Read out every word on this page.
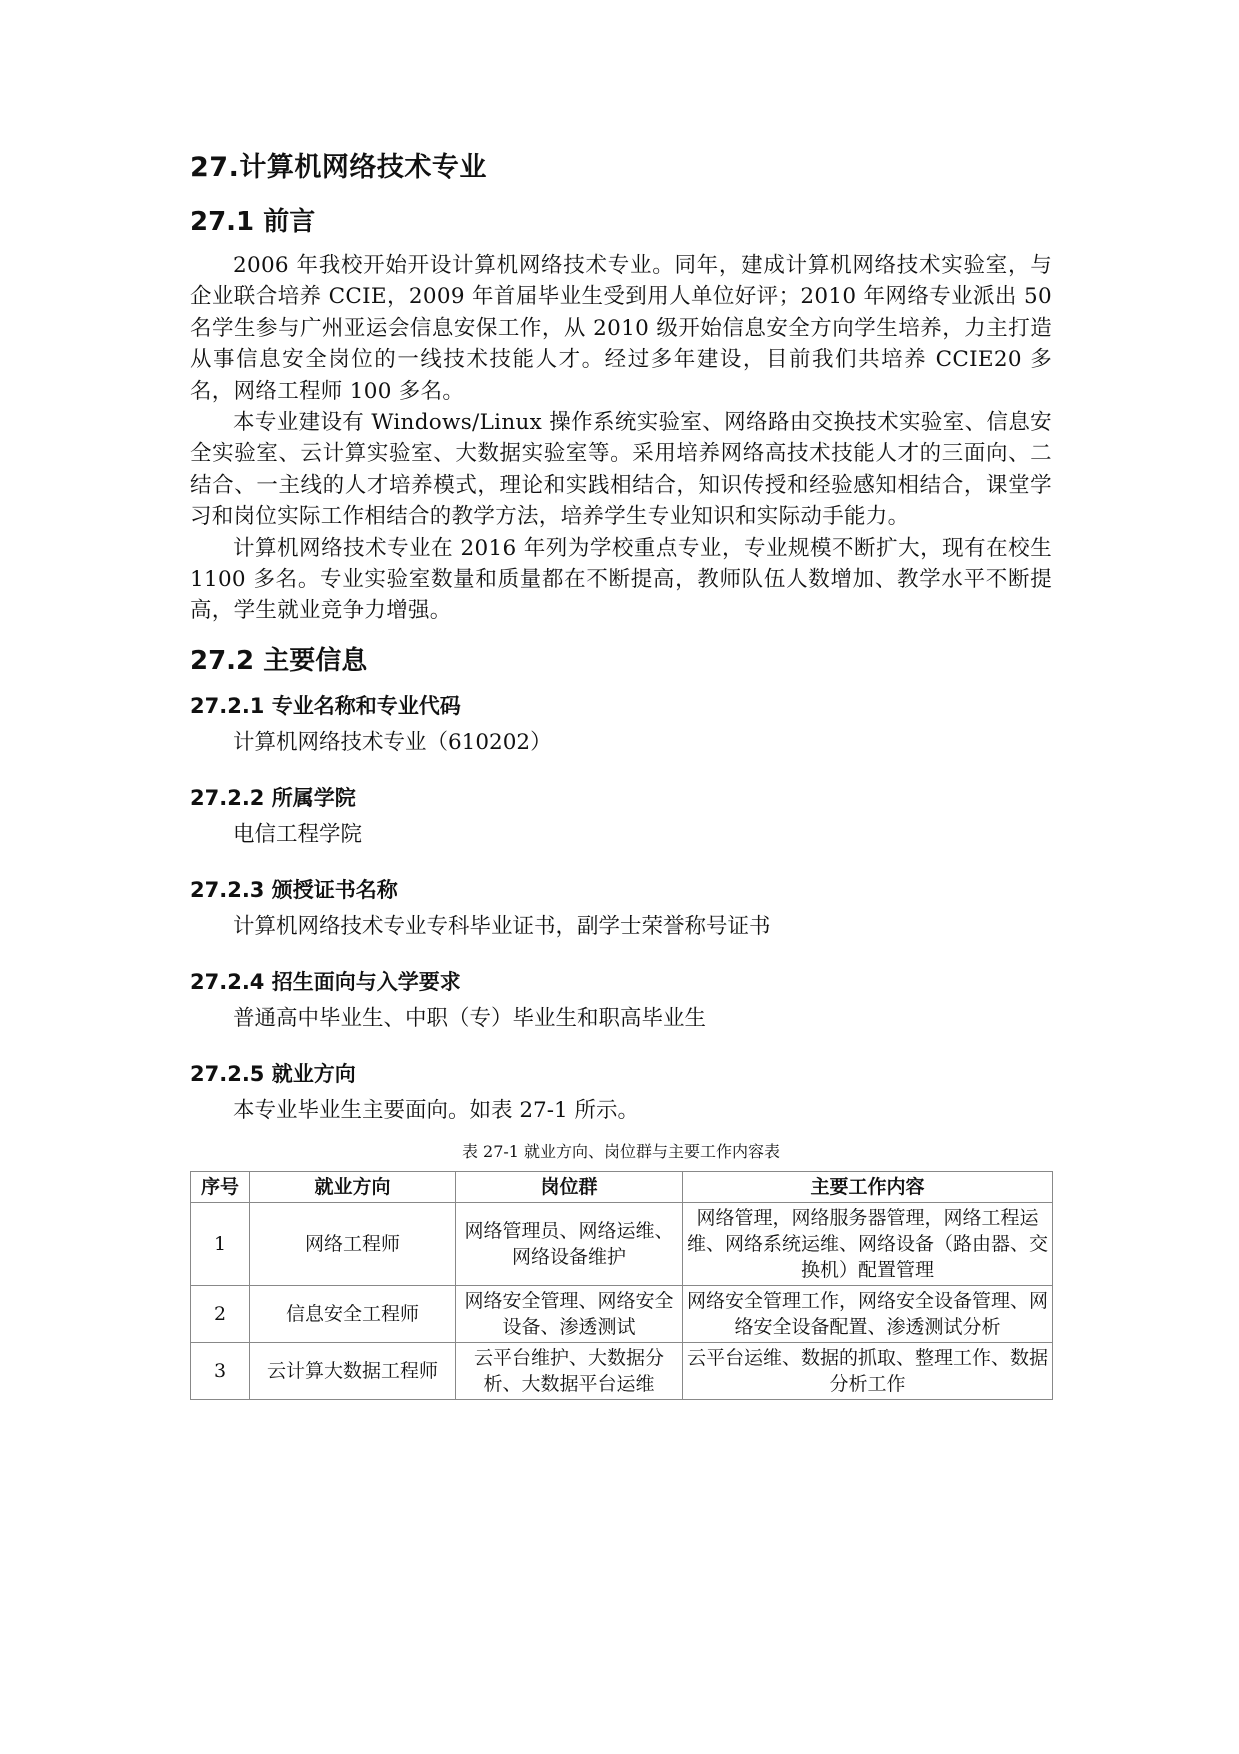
27.计算机网络技术专业
27.1 前言

2006 年我校开始开设计算机网络技术专业。同年，建成计算机网络技术实验室，与企业联合培养 CCIE，2009 年首届毕业生受到用人单位好评；2010 年网络专业派出 50 名学生参与广州亚运会信息安保工作，从 2010 级开始信息安全方向学生培养，力主打造从事信息安全岗位的一线技术技能人才。经过多年建设，目前我们共培养 CCIE20 多名，网络工程师 100 多名。

本专业建设有 Windows/Linux 操作系统实验室、网络路由交换技术实验室、信息安全实验室、云计算实验室、大数据实验室等。采用培养网络高技术技能人才的三面向、二结合、一主线的人才培养模式，理论和实践相结合，知识传授和经验感知相结合，课堂学习和岗位实际工作相结合的教学方法，培养学生专业知识和实际动手能力。

计算机网络技术专业在 2016 年列为学校重点专业，专业规模不断扩大，现有在校生 1100 多名。专业实验室数量和质量都在不断提高，教师队伍人数增加、教学水平不断提高，学生就业竞争力增强。

27.2 主要信息
27.2.1 专业名称和专业代码

计算机网络技术专业（610202）

27.2.2 所属学院

电信工程学院

27.2.3 颁授证书名称

计算机网络技术专业专科毕业证书，副学士荣誉称号证书

27.2.4 招生面向与入学要求

普通高中毕业生、中职（专）毕业生和职高毕业生

27.2.5 就业方向

本专业毕业生主要面向。如表 27-1 所示。

表 27-1 就业方向、岗位群与主要工作内容表
序号	就业方向	岗位群	主要工作内容
1	网络工程师	网络管理员、网络运维、网络设备维护	网络管理，网络服务器管理，网络工程运维、网络系统运维、网络设备（路由器、交换机）配置管理
2	信息安全工程师	网络安全管理、网络安全设备、渗透测试	网络安全管理工作，网络安全设备管理、网络安全设备配置、渗透测试分析
3	云计算大数据工程师	云平台维护、大数据分析、大数据平台运维	云平台运维、数据的抓取、整理工作、数据分析工作
